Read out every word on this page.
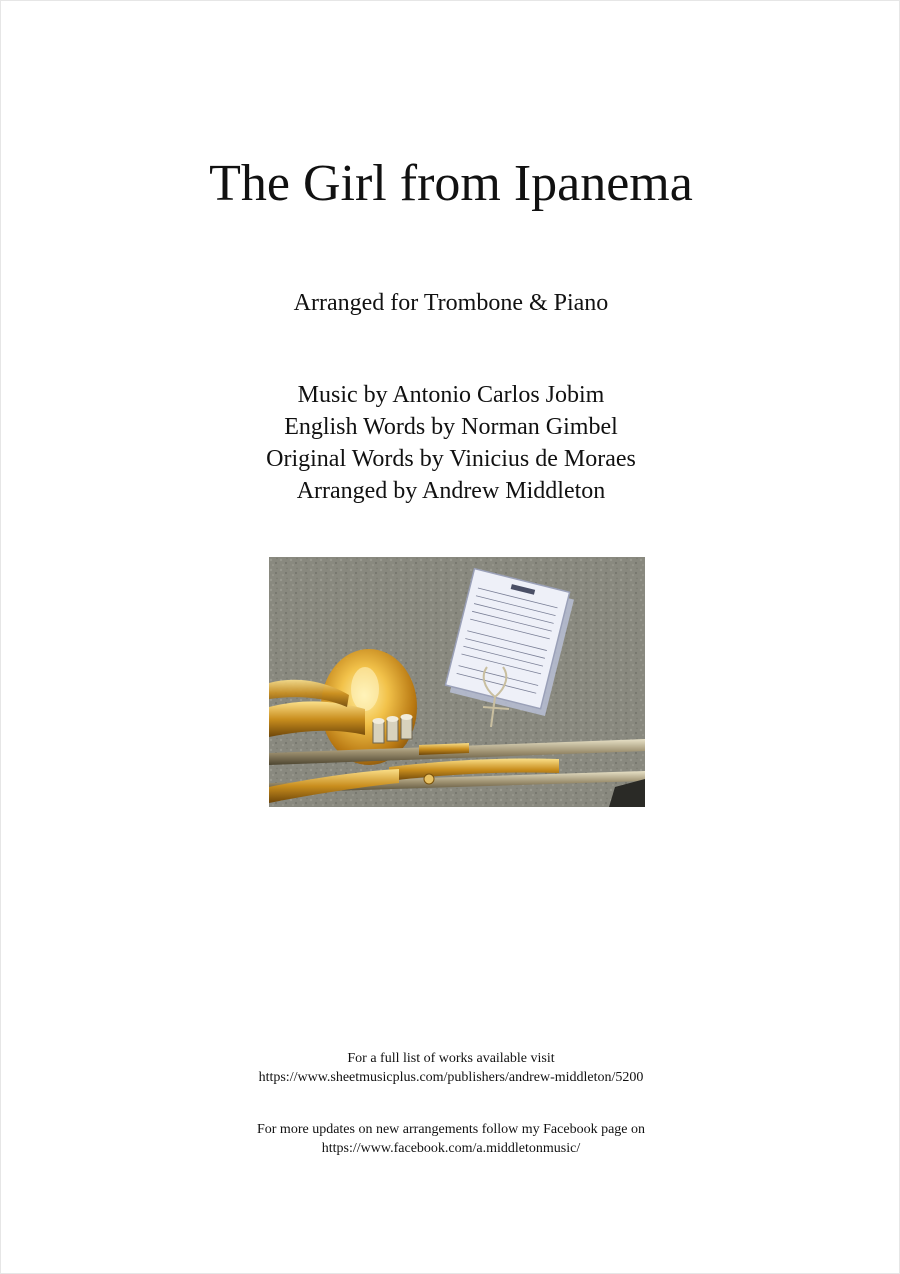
The Girl from Ipanema
Arranged for Trombone & Piano
Music by Antonio Carlos Jobim
English Words by Norman Gimbel
Original Words by Vinicius de Moraes
Arranged by Andrew Middleton
For a full list of works available visit
https://www.sheetmusicplus.com/publishers/andrew-middleton/5200
For more updates on new arrangements follow my Facebook page on
https://www.facebook.com/a.middletonmusic/
